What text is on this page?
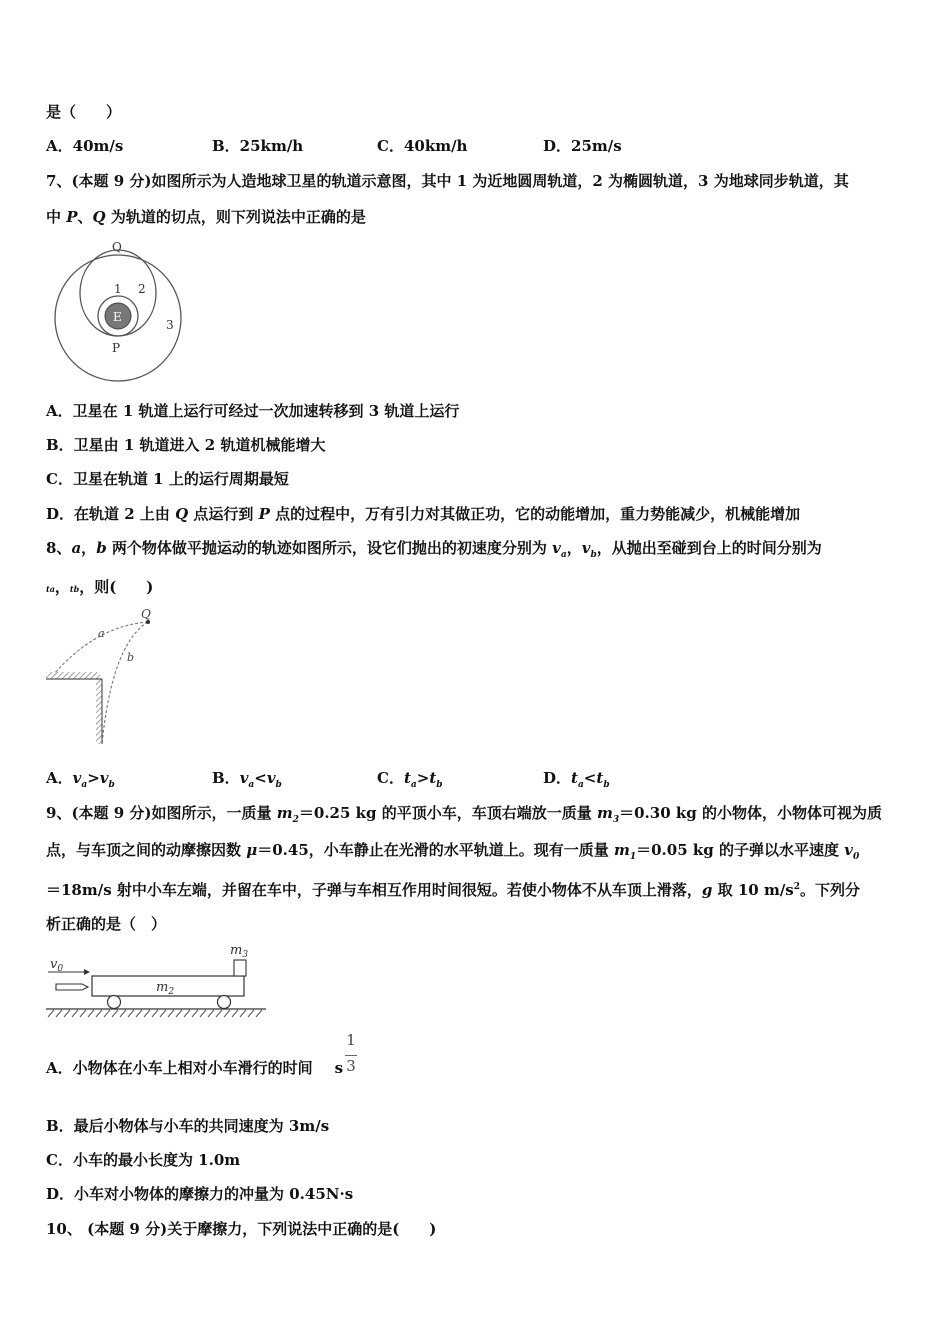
是（　　）
A．40m/s	B．25km/h	C．40km/h	D．25m/s
7、(本题 9 分)如图所示为人造地球卫星的轨道示意图，其中 1 为近地圆周轨道，2 为椭圆轨道，3 为地球同步轨道，其
中 P、Q 为轨道的切点，则下列说法中正确的是
E
Q
P
1 2
3
A．卫星在 1 轨道上运行可经过一次加速转移到 3 轨道上运行
B．卫星由 1 轨道进入 2 轨道机械能增大
C．卫星在轨道 1 上的运行周期最短
D．在轨道 2 上由 Q 点运行到 P 点的过程中，万有引力对其做正功，它的动能增加，重力势能减少，机械能增加
8、a，b 两个物体做平抛运动的轨迹如图所示，设它们抛出的初速度分别为 $v_a$，$v_b$，从抛出至碰到台上的时间分别为
ta，tb，则(　　)
Q
a
b
A．$v_a>v_b$	B．$v_a<v_b$	C．$t_a>t_b$	D．$t_a<t_b$
9、(本题 9 分)如图所示，一质量 $m_2=0.25$ kg 的平顶小车，车顶右端放一质量 $m_3=0.30$ kg 的小物体，小物体可视为质
点，与车顶之间的动摩擦因数 μ＝0.45，小车静止在光滑的水平轨道上。现有一质量 $m_1=0.05$ kg 的子弹以水平速度 $v_0$
＝18m/s 射中小车左端，并留在车中，子弹与车相互作用时间很短。若使小物体不从车顶上滑落，g 取 10 $m/s^2$。下列分
析正确的是（　）
$v_0$
$m_2$
$m_3$
A．小物体在小车上相对小车滑行的时间 s
1
3
B．最后小物体与小车的共同速度为 3m/s
C．小车的最小长度为 1.0m
D．小车对小物体的摩擦力的冲量为 0.45N·s
10、 (本题 9 分)关于摩擦力，下列说法中正确的是(　　)
